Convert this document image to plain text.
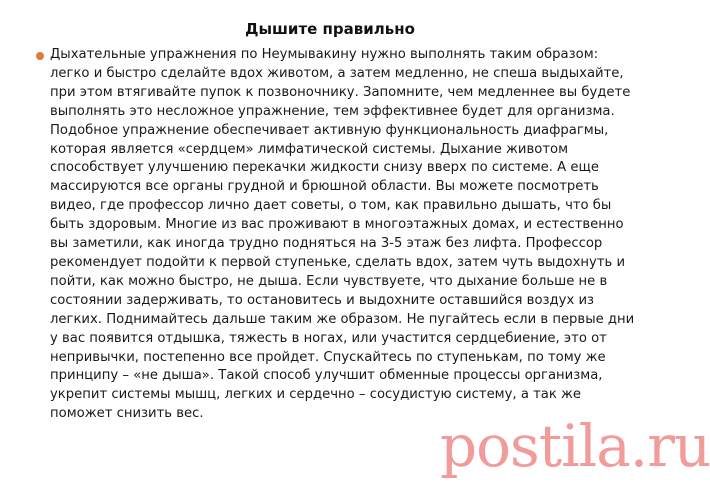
Дышите правильно

Дыхательные упражнения по Неумывакину нужно выполнять таким образом: легко и быстро сделайте вдох животом, а затем медленно, не спеша выдыхайте, при этом втягивайте пупок к позвоночнику. Запомните, чем медленнее вы будете выполнять это несложное упражнение, тем эффективнее будет для организма. Подобное упражнение обеспечивает активную функциональность диафрагмы, которая является «сердцем» лимфатической системы. Дыхание животом способствует улучшению перекачки жидкости снизу вверх по системе. А еще массируются все органы грудной и брюшной области. Вы можете посмотреть видео, где профессор лично дает советы, о том, как правильно дышать, что бы быть здоровым. Многие из вас проживают в многоэтажных домах, и естественно вы заметили, как иногда трудно подняться на 3-5 этаж без лифта. Профессор рекомендует подойти к первой ступеньке, сделать вдох, затем чуть выдохнуть и пойти, как можно быстро, не дыша. Если чувствуете, что дыхание больше не в состоянии задерживать, то остановитесь и выдохните оставшийся воздух из легких. Поднимайтесь дальше таким же образом. Не пугайтесь если в первые дни у вас появится отдышка, тяжесть в ногах, или участится сердцебиение, это от непривычки, постепенно все пройдет. Спускайтесь по ступенькам, по тому же принципу – «не дыша». Такой способ улучшит обменные процессы организма, укрепит системы мышц, легких и сердечно – сосудистую систему, а так же поможет снизить вес.	postila.ru
